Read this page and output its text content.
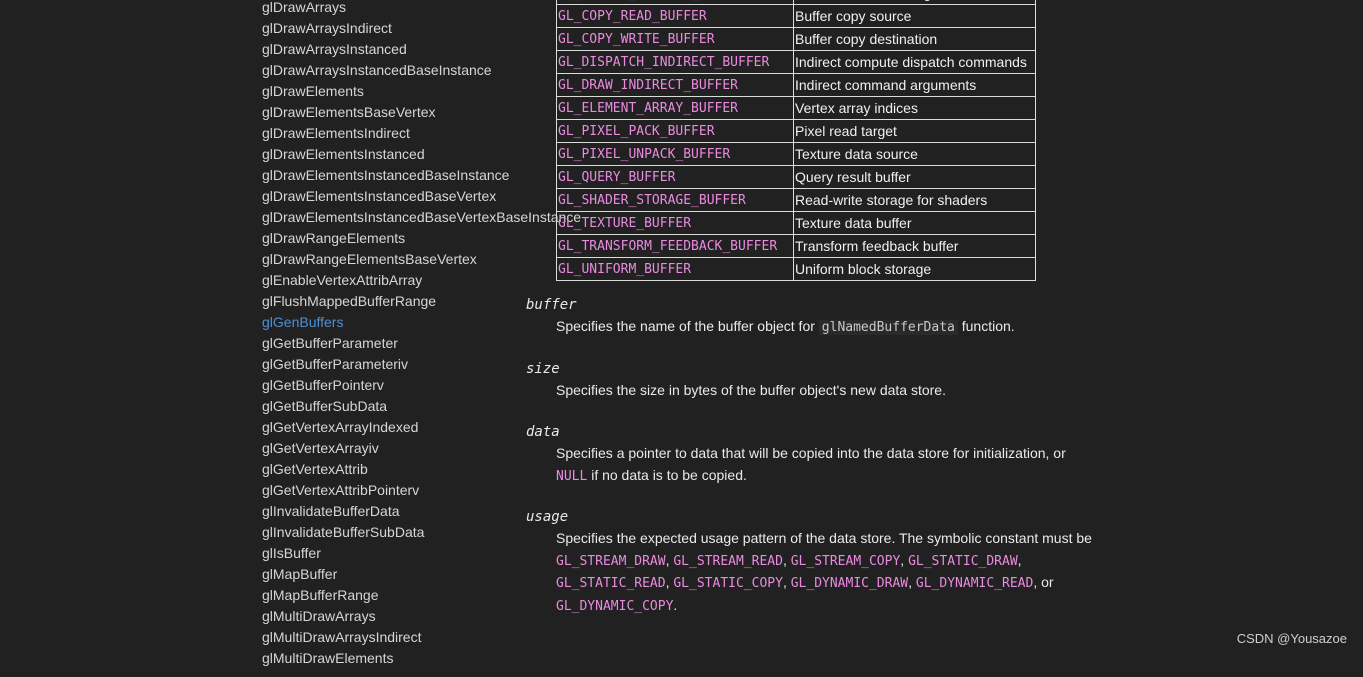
glDrawArrays
glDrawArraysIndirect
glDrawArraysInstanced
glDrawArraysInstancedBaseInstance
glDrawElements
glDrawElementsBaseVertex
glDrawElementsIndirect
glDrawElementsInstanced
glDrawElementsInstancedBaseInstance
glDrawElementsInstancedBaseVertex
glDrawElementsInstancedBaseVertexBaseInstance
glDrawRangeElements
glDrawRangeElementsBaseVertex
glEnableVertexAttribArray
glFlushMappedBufferRange
glGenBuffers
glGetBufferParameter
glGetBufferParameteriv
glGetBufferPointerv
glGetBufferSubData
glGetVertexArrayIndexed
glGetVertexArrayiv
glGetVertexAttrib
glGetVertexAttribPointerv
glInvalidateBufferData
glInvalidateBufferSubData
glIsBuffer
glMapBuffer
glMapBufferRange
glMultiDrawArrays
glMultiDrawArraysIndirect
glMultiDrawElements

GL_COPY_READ_BUFFER	Buffer copy source
GL_COPY_WRITE_BUFFER	Buffer copy destination
GL_DISPATCH_INDIRECT_BUFFER	Indirect compute dispatch commands
GL_DRAW_INDIRECT_BUFFER	Indirect command arguments
GL_ELEMENT_ARRAY_BUFFER	Vertex array indices
GL_PIXEL_PACK_BUFFER	Pixel read target
GL_PIXEL_UNPACK_BUFFER	Texture data source
GL_QUERY_BUFFER	Query result buffer
GL_SHADER_STORAGE_BUFFER	Read-write storage for shaders
GL_TEXTURE_BUFFER	Texture data buffer
GL_TRANSFORM_FEEDBACK_BUFFER	Transform feedback buffer
GL_UNIFORM_BUFFER	Uniform block storage
buffer
Specifies the name of the buffer object for glNamedBufferData function.
size
Specifies the size in bytes of the buffer object's new data store.
data
Specifies a pointer to data that will be copied into the data store for initialization, or NULL if no data is to be copied.
usage
Specifies the expected usage pattern of the data store. The symbolic constant must be GL_STREAM_DRAW, GL_STREAM_READ, GL_STREAM_COPY, GL_STATIC_DRAW, GL_STATIC_READ, GL_STATIC_COPY, GL_DYNAMIC_DRAW, GL_DYNAMIC_READ, or GL_DYNAMIC_COPY.
CSDN @Yousazoe
